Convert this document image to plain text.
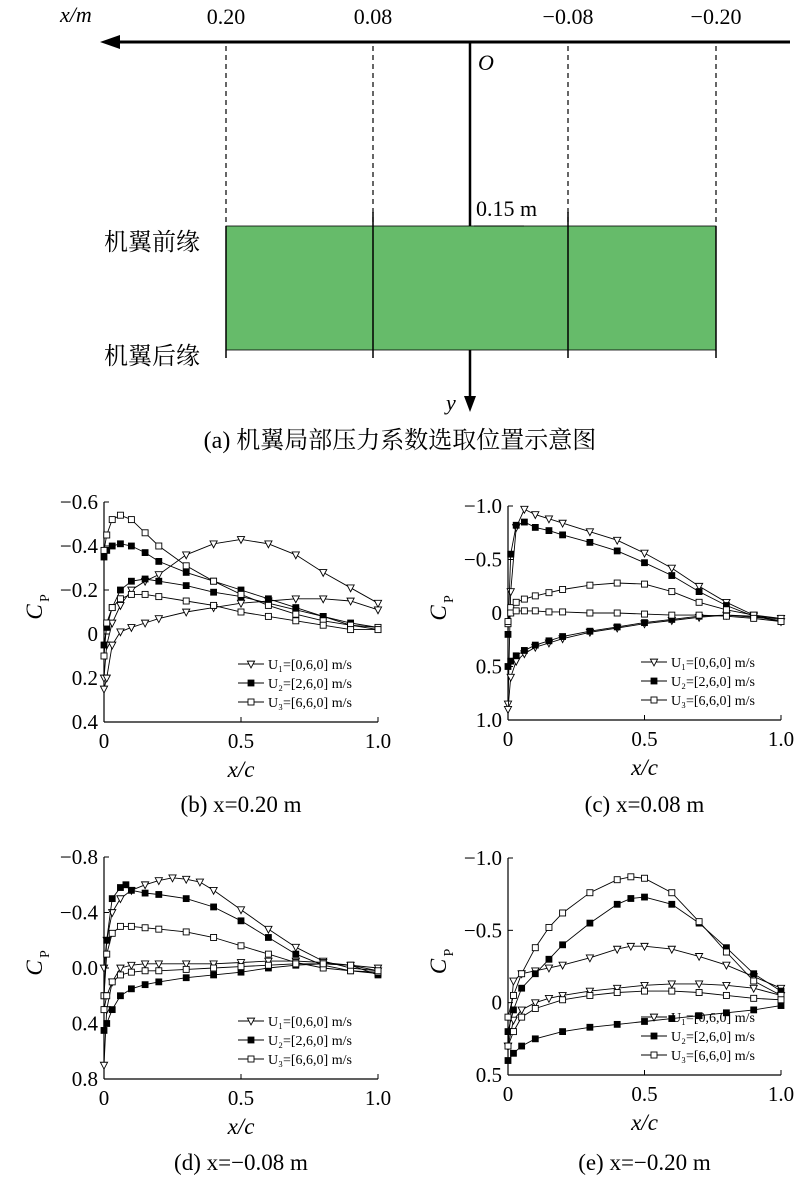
x/m
O
y
0.20	0.08	−0.08	−0.20
0.15 m
机翼前缘
机翼后缘
(a) 机翼局部压力系数选取位置示意图
−0.6
−0.4
−0.2
0
0.2
0.4
0	0.5	1.0
C
P
x/c
(b) x=0.20 m
U₁=[0,6,0] m/s
U₂=[2,6,0] m/s
U₃=[6,6,0] m/s
−1.0
−0.5
0
0.5
1.0
0	0.5	1.0
C
P
x/c
(c) x=0.08 m
U₁=[0,6,0] m/s
U₂=[2,6,0] m/s
U₃=[6,6,0] m/s
−0.8
−0.4
0.0
0.4
0.8
0	0.5	1.0
C
P
x/c
(d) x=−0.08 m
U₁=[0,6,0] m/s
U₂=[2,6,0] m/s
U₃=[6,6,0] m/s
−1.0
−0.5
0
0.5
0	0.5	1.0
C
P
x/c
(e) x=−0.20 m
U₁=[0,6,0] m/s
U₂=[2,6,0] m/s
U₃=[6,6,0] m/s
